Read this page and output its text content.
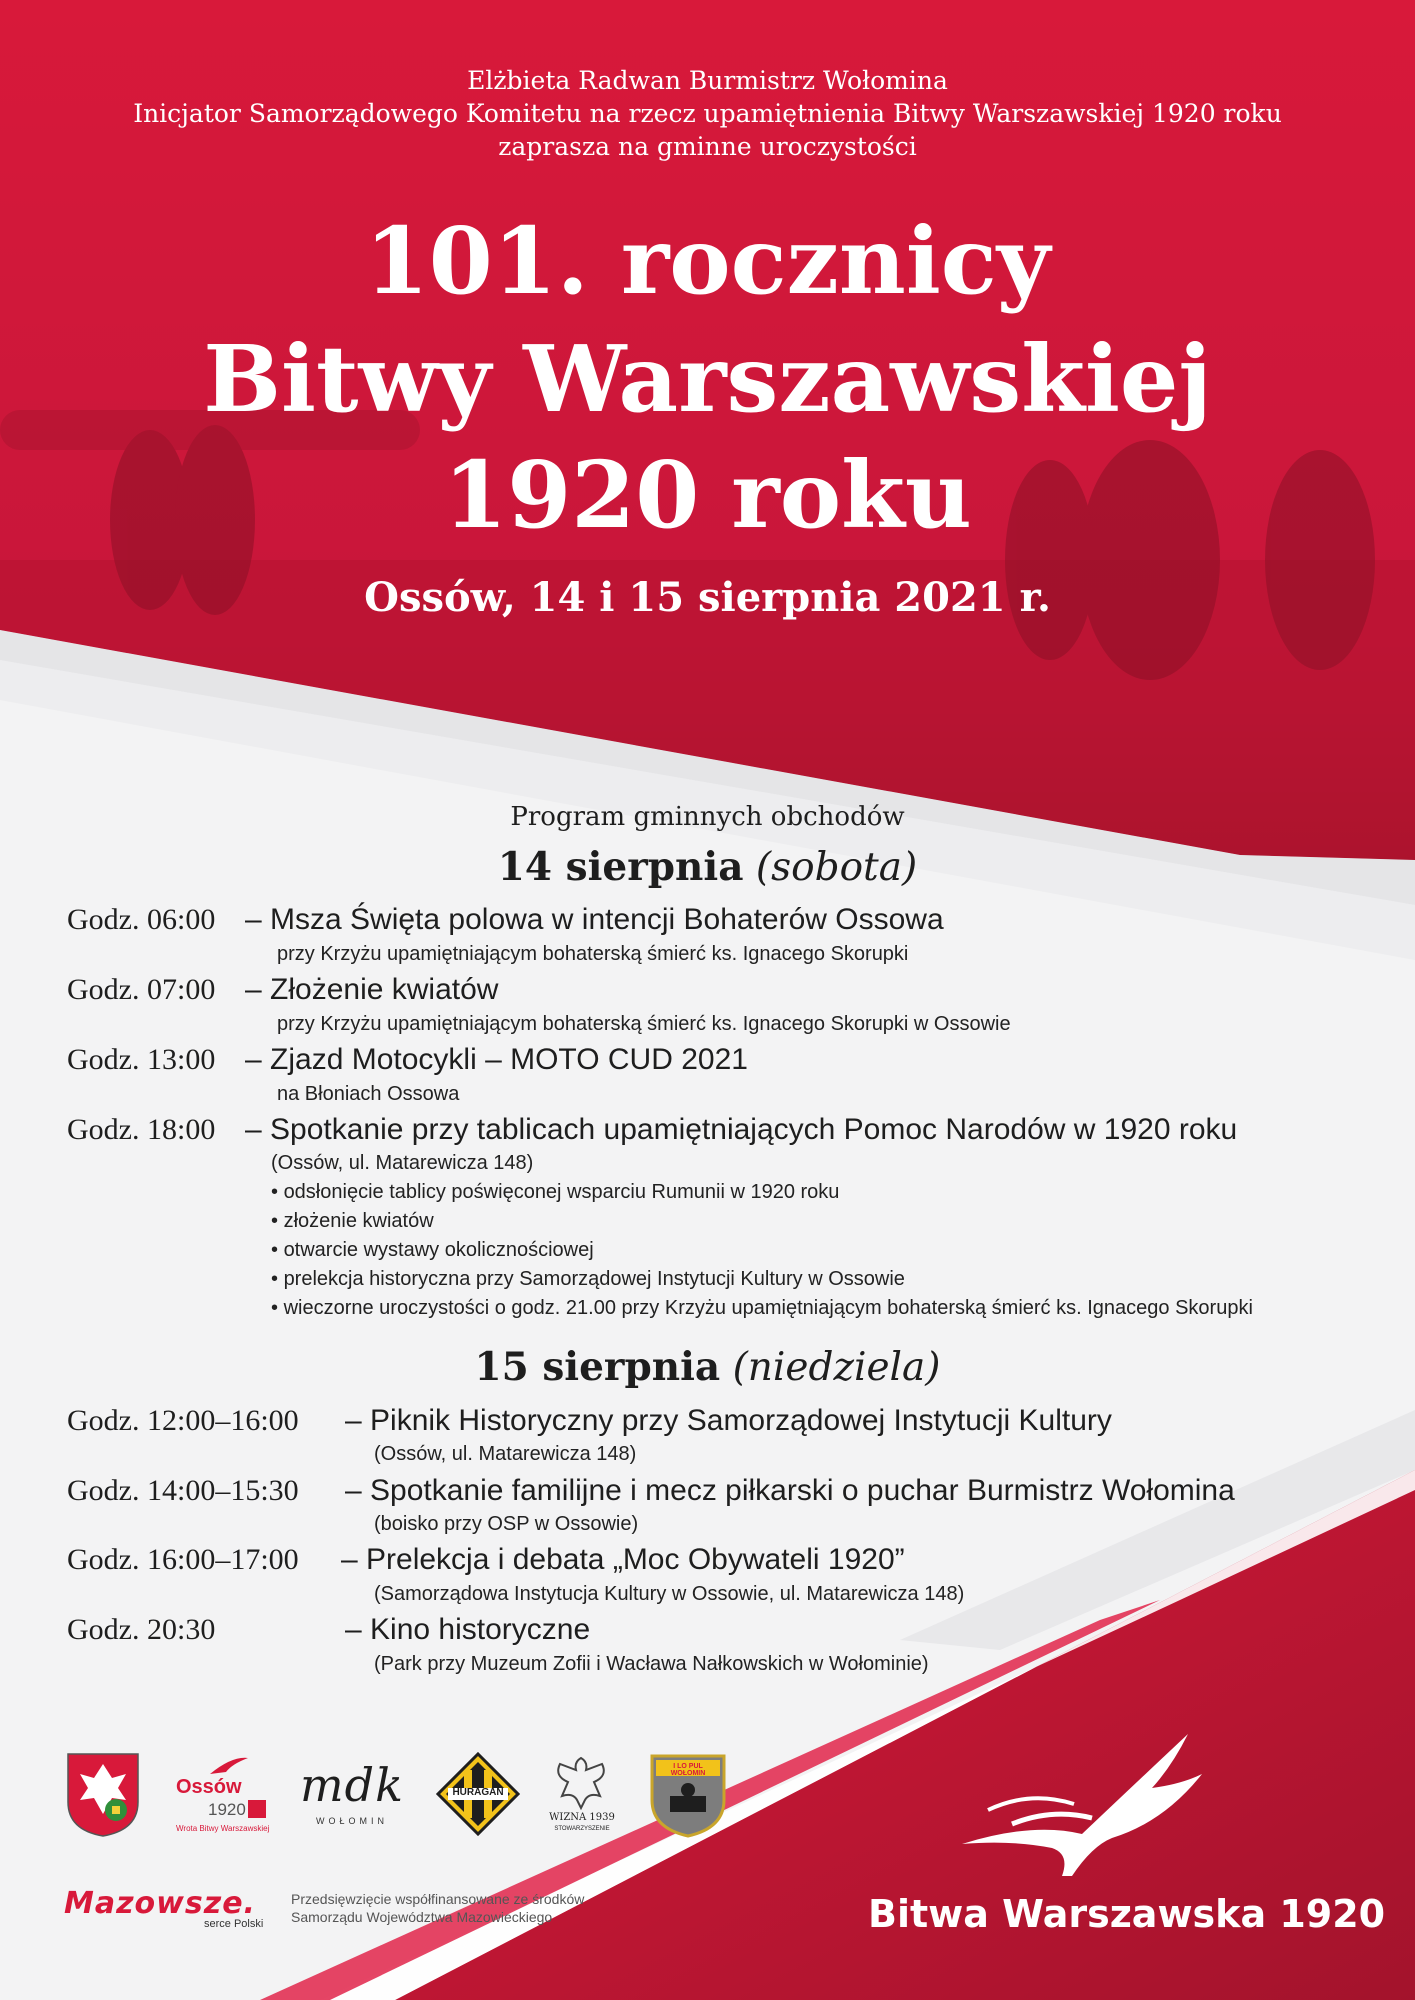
Elżbieta Radwan Burmistrz Wołomina
Inicjator Samorządowego Komitetu na rzecz upamiętnienia Bitwy Warszawskiej 1920 roku
zaprasza na gminne uroczystości
101. rocznicy
Bitwy Warszawskiej
1920 roku
Ossów, 14 i 15 sierpnia 2021 r.
Program gminnych obchodów
14 sierpnia (sobota)
Godz. 06:00 – Msza Święta polowa w intencji Bohaterów Ossowa
przy Krzyżu upamiętniającym bohaterską śmierć ks. Ignacego Skorupki
Godz. 07:00 – Złożenie kwiatów
przy Krzyżu upamiętniającym bohaterską śmierć ks. Ignacego Skorupki w Ossowie
Godz. 13:00 – Zjazd Motocykli – MOTO CUD 2021
na Błoniach Ossowa
Godz. 18:00 – Spotkanie przy tablicach upamiętniających Pomoc Narodów w 1920 roku
(Ossów, ul. Matarewicza 148)
• odsłonięcie tablicy poświęconej wsparciu Rumunii w 1920 roku
• złożenie kwiatów
• otwarcie wystawy okolicznościowej
• prelekcja historyczna przy Samorządowej Instytucji Kultury w Ossowie
• wieczorne uroczystości o godz. 21.00 przy Krzyżu upamiętniającym bohaterską śmierć ks. Ignacego Skorupki
15 sierpnia (niedziela)
Godz. 12:00–16:00 – Piknik Historyczny przy Samorządowej Instytucji Kultury
(Ossów, ul. Matarewicza 148)
Godz. 14:00–15:30 – Spotkanie familijne i mecz piłkarski o puchar Burmistrz Wołomina
(boisko przy OSP w Ossowie)
Godz. 16:00–17:00 – Prelekcja i debata „Moc Obywateli 1920”
(Samorządowa Instytucja Kultury w Ossowie, ul. Matarewicza 148)
Godz. 20:30	– Kino historyczne
(Park przy Muzeum Zofii i Wacława Nałkowskich w Wołominie)
Ossów
1920
Wrota Bitwy Warszawskiej
mdk
WOŁOMIN
HURAGAN
WIZNA 1939
STOWARZYSZENIE
I LO PUL WOŁOMIN
Bitwa Warszawska 1920
Mazowsze.
serce Polski
Przedsięwzięcie współfinansowane ze środków
Samorządu Województwa Mazowieckiego
